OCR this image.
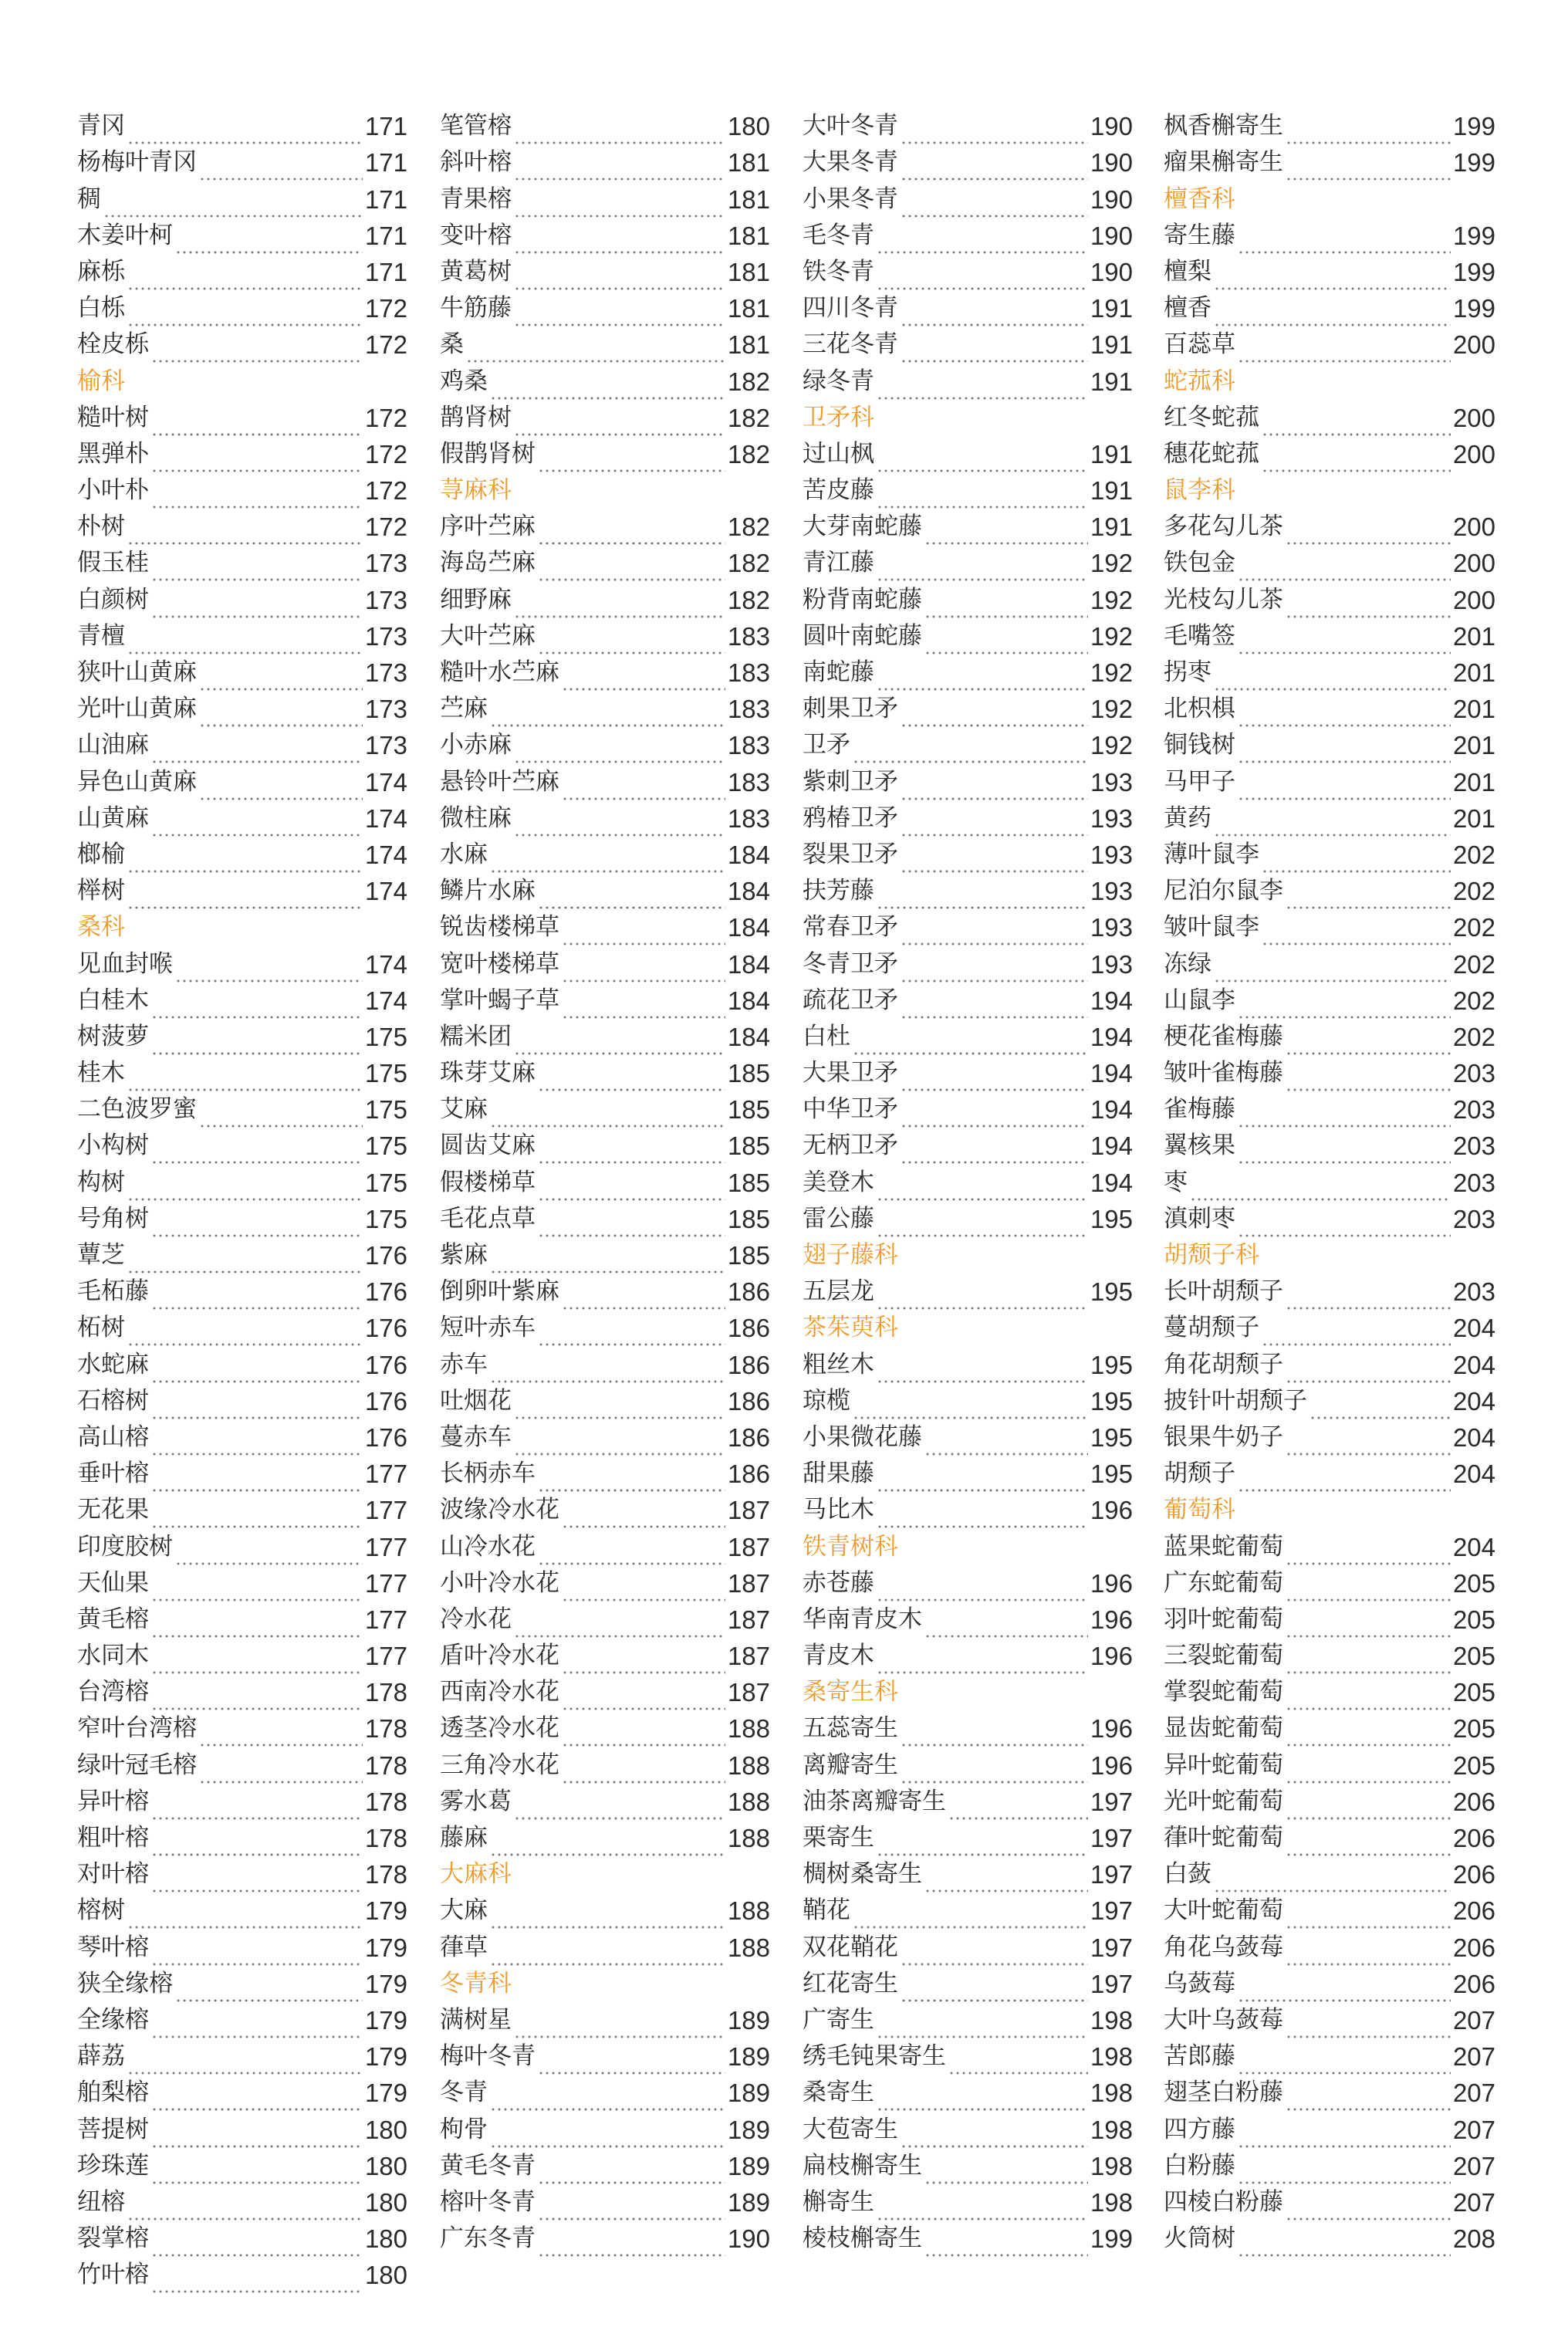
青冈	171
杨梅叶青冈	171
稠	171
木姜叶柯	171
麻栎	171
白栎	172
栓皮栎	172
榆科
糙叶树	172
黑弹朴	172
小叶朴	172
朴树	172
假玉桂	173
白颜树	173
青檀	173
狭叶山黄麻	173
光叶山黄麻	173
山油麻	173
异色山黄麻	174
山黄麻	174
榔榆	174
榉树	174
桑科
见血封喉	174
白桂木	174
树菠萝	175
桂木	175
二色波罗蜜	175
小构树	175
构树	175
号角树	175
蕈芝	176
毛柘藤	176
柘树	176
水蛇麻	176
石榕树	176
高山榕	176
垂叶榕	177
无花果	177
印度胶树	177
天仙果	177
黄毛榕	177
水同木	177
台湾榕	178
窄叶台湾榕	178
绿叶冠毛榕	178
异叶榕	178
粗叶榕	178
对叶榕	178
榕树	179
琴叶榕	179
狭全缘榕	179
全缘榕	179
薜荔	179
舶梨榕	179
菩提树	180
珍珠莲	180
纽榕	180
裂掌榕	180
竹叶榕	180
笔管榕	180
斜叶榕	181
青果榕	181
变叶榕	181
黄葛树	181
牛筋藤	181
桑	181
鸡桑	182
鹊肾树	182
假鹊肾树	182
荨麻科
序叶苎麻	182
海岛苎麻	182
细野麻	182
大叶苎麻	183
糙叶水苎麻	183
苎麻	183
小赤麻	183
悬铃叶苎麻	183
微柱麻	183
水麻	184
鳞片水麻	184
锐齿楼梯草	184
宽叶楼梯草	184
掌叶蝎子草	184
糯米团	184
珠芽艾麻	185
艾麻	185
圆齿艾麻	185
假楼梯草	185
毛花点草	185
紫麻	185
倒卵叶紫麻	186
短叶赤车	186
赤车	186
吐烟花	186
蔓赤车	186
长柄赤车	186
波缘冷水花	187
山冷水花	187
小叶冷水花	187
冷水花	187
盾叶冷水花	187
西南冷水花	187
透茎冷水花	188
三角冷水花	188
雾水葛	188
藤麻	188
大麻科
大麻	188
葎草	188
冬青科
满树星	189
梅叶冬青	189
冬青	189
枸骨	189
黄毛冬青	189
榕叶冬青	189
广东冬青	190
大叶冬青	190
大果冬青	190
小果冬青	190
毛冬青	190
铁冬青	190
四川冬青	191
三花冬青	191
绿冬青	191
卫矛科
过山枫	191
苦皮藤	191
大芽南蛇藤	191
青江藤	192
粉背南蛇藤	192
圆叶南蛇藤	192
南蛇藤	192
刺果卫矛	192
卫矛	192
紫刺卫矛	193
鸦椿卫矛	193
裂果卫矛	193
扶芳藤	193
常春卫矛	193
冬青卫矛	193
疏花卫矛	194
白杜	194
大果卫矛	194
中华卫矛	194
无柄卫矛	194
美登木	194
雷公藤	195
翅子藤科
五层龙	195
茶茱萸科
粗丝木	195
琼榄	195
小果微花藤	195
甜果藤	195
马比木	196
铁青树科
赤苍藤	196
华南青皮木	196
青皮木	196
桑寄生科
五蕊寄生	196
离瓣寄生	196
油茶离瓣寄生	197
栗寄生	197
椆树桑寄生	197
鞘花	197
双花鞘花	197
红花寄生	197
广寄生	198
绣毛钝果寄生	198
桑寄生	198
大苞寄生	198
扁枝槲寄生	198
槲寄生	198
棱枝槲寄生	199
枫香槲寄生	199
瘤果槲寄生	199
檀香科
寄生藤	199
檀梨	199
檀香	199
百蕊草	200
蛇菰科
红冬蛇菰	200
穗花蛇菰	200
鼠李科
多花勾儿茶	200
铁包金	200
光枝勾儿茶	200
毛嘴签	201
拐枣	201
北枳椇	201
铜钱树	201
马甲子	201
黄药	201
薄叶鼠李	202
尼泊尔鼠李	202
皱叶鼠李	202
冻绿	202
山鼠李	202
梗花雀梅藤	202
皱叶雀梅藤	203
雀梅藤	203
翼核果	203
枣	203
滇刺枣	203
胡颓子科
长叶胡颓子	203
蔓胡颓子	204
角花胡颓子	204
披针叶胡颓子	204
银果牛奶子	204
胡颓子	204
葡萄科
蓝果蛇葡萄	204
广东蛇葡萄	205
羽叶蛇葡萄	205
三裂蛇葡萄	205
掌裂蛇葡萄	205
显齿蛇葡萄	205
异叶蛇葡萄	205
光叶蛇葡萄	206
葎叶蛇葡萄	206
白蔹	206
大叶蛇葡萄	206
角花乌蔹莓	206
乌蔹莓	206
大叶乌蔹莓	207
苦郎藤	207
翅茎白粉藤	207
四方藤	207
白粉藤	207
四棱白粉藤	207
火筒树	208
